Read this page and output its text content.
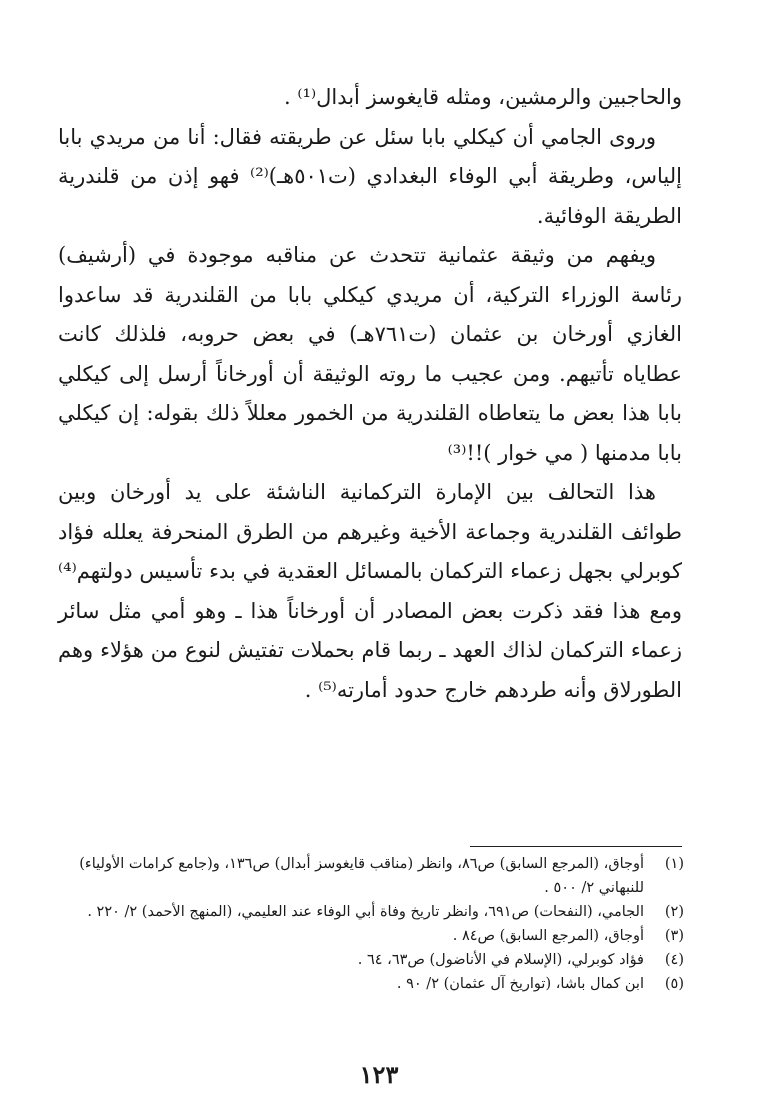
والحاجبين والرمشين، ومثله قايغوسز أبدال⁽¹⁾ .

وروى الجامي أن كيكلي بابا سئل عن طريقته فقال: أنا من مريدي بابا إلياس، وطريقة أبي الوفاء البغدادي (ت٥٠١هـ)⁽²⁾ فهو إذن من قلندرية الطريقة الوفائية.

ويفهم من وثيقة عثمانية تتحدث عن مناقبه موجودة في (أرشيف) رئاسة الوزراء التركية، أن مريدي كيكلي بابا من القلندرية قد ساعدوا الغازي أورخان بن عثمان (ت٧٦١هـ) في بعض حروبه، فلذلك كانت عطاياه تأتيهم. ومن عجيب ما روته الوثيقة أن أورخاناً أرسل إلى كيكلي بابا هذا بعض ما يتعاطاه القلندرية من الخمور معللاً ذلك بقوله: إن كيكلي بابا مدمنها ( مي خوار )!!⁽³⁾

هذا التحالف بين الإمارة التركمانية الناشئة على يد أورخان وبين طوائف القلندرية وجماعة الأخية وغيرهم من الطرق المنحرفة يعلله فؤاد كوبرلي بجهل زعماء التركمان بالمسائل العقدية في بدء تأسيس دولتهم⁽⁴⁾ ومع هذا فقد ذكرت بعض المصادر أن أورخاناً هذا ـ وهو أمي مثل سائر زعماء التركمان لذاك العهد ـ ربما قام بحملات تفتيش لنوع من هؤلاء وهم الطورلاق وأنه طردهم خارج حدود أمارته⁽⁵⁾ .

(١)
أوجاق، (المرجع السابق) ص٨٦، وانظر (مناقب قايغوسز أبدال) ص١٣٦، و(جامع كرامات الأولياء) للنبهاني ٢/ ٥٠٠ .
(٢)
الجامي، (النفحات) ص٦٩١، وانظر تاريخ وفاة أبي الوفاء عند العليمي، (المنهج الأحمد) ٢/ ٢٢٠ .
(٣)
أوجاق، (المرجع السابق) ص٨٤ .
(٤)
فؤاد كوبرلي، (الإسلام في الأناضول) ص٦٣، ٦٤ .
(٥)
ابن كمال باشا، (تواريخ آل عثمان) ٢/ ٩٠ .
١٢٣
